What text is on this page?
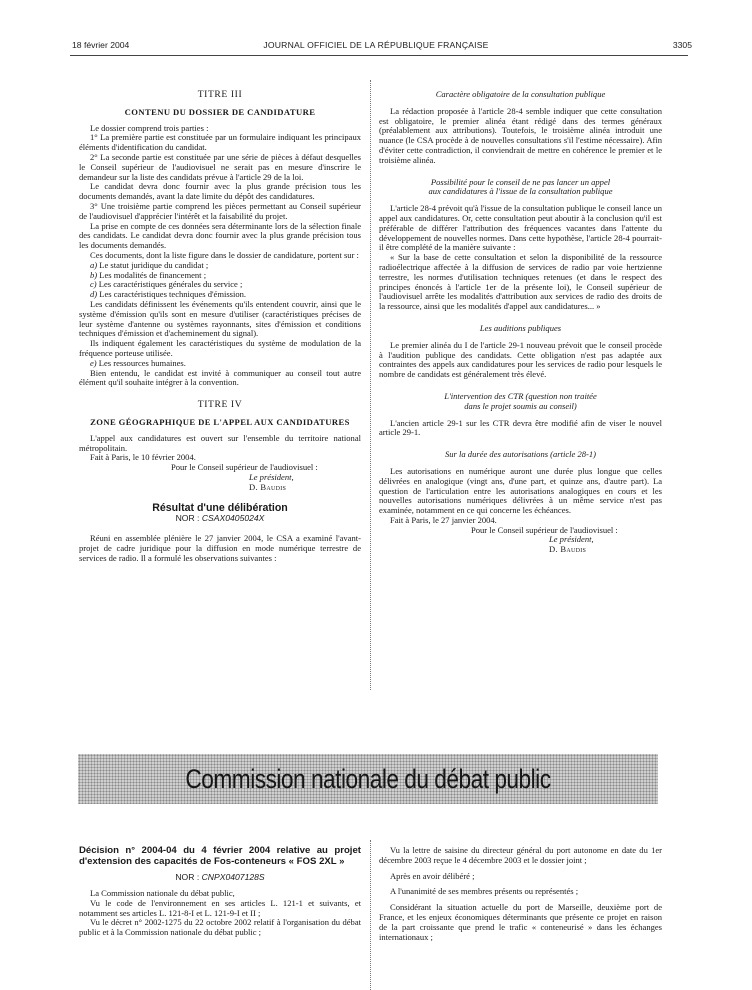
18 février 2004	JOURNAL OFFICIEL DE LA RÉPUBLIQUE FRANÇAISE	3305

TITRE III

CONTENU DU DOSSIER DE CANDIDATURE

Le dossier comprend trois parties :

1° La première partie est constituée par un formulaire indiquant les principaux éléments d'identification du candidat.

2° La seconde partie est constituée par une série de pièces à défaut desquelles le Conseil supérieur de l'audiovisuel ne serait pas en mesure d'inscrire le demandeur sur la liste des candidats prévue à l'article 29 de la loi.

Le candidat devra donc fournir avec la plus grande précision tous les documents demandés, avant la date limite du dépôt des candidatures.

3° Une troisième partie comprend les pièces permettant au Conseil supérieur de l'audiovisuel d'apprécier l'intérêt et la faisabilité du projet.

La prise en compte de ces données sera déterminante lors de la sélection finale des candidats. Le candidat devra donc fournir avec la plus grande précision tous les documents demandés.

Ces documents, dont la liste figure dans le dossier de candidature, portent sur :

a) Le statut juridique du candidat ;

b) Les modalités de financement ;

c) Les caractéristiques générales du service ;

d) Les caractéristiques techniques d'émission.

Les candidats définissent les événements qu'ils entendent couvrir, ainsi que le système d'émission qu'ils sont en mesure d'utiliser (caractéristiques précises de leur système d'antenne ou systèmes rayonnants, sites d'émission et conditions techniques d'émission et d'acheminement du signal).

Ils indiquent également les caractéristiques du système de modulation de la fréquence porteuse utilisée.

e) Les ressources humaines.

Bien entendu, le candidat est invité à communiquer au conseil tout autre élément qu'il souhaite intégrer à la convention.

TITRE IV

ZONE GÉOGRAPHIQUE DE L'APPEL AUX CANDIDATURES

L'appel aux candidatures est ouvert sur l'ensemble du territoire national métropolitain.

Fait à Paris, le 10 février 2004.

Pour le Conseil supérieur de l'audiovisuel :

Le président,

D. Baudis

Résultat d'une délibération

NOR : CSAX0405024X

Réuni en assemblée plénière le 27 janvier 2004, le CSA a examiné l'avant-projet de cadre juridique pour la diffusion en mode numérique terrestre de services de radio. Il a formulé les observations suivantes :

Caractère obligatoire de la consultation publique

La rédaction proposée à l'article 28-4 semble indiquer que cette consultation est obligatoire, le premier alinéa étant rédigé dans des termes généraux (préalablement aux attributions). Toutefois, le troisième alinéa introduit une nuance (le CSA procède à de nouvelles consultations s'il l'estime nécessaire). Afin d'éviter cette contradiction, il conviendrait de mettre en cohérence le premier et le troisième alinéa.

Possibilité pour le conseil de ne pas lancer un appel

aux candidatures à l'issue de la consultation publique

L'article 28-4 prévoit qu'à l'issue de la consultation publique le conseil lance un appel aux candidatures. Or, cette consultation peut aboutir à la conclusion qu'il est préférable de différer l'attribution des fréquences vacantes dans l'attente du développement de nouvelles normes. Dans cette hypothèse, l'article 28-4 pourrait-il être complété de la manière suivante :

« Sur la base de cette consultation et selon la disponibilité de la ressource radioélectrique affectée à la diffusion de services de radio par voie hertzienne terrestre, les normes d'utilisation techniques retenues (et dans le respect des principes énoncés à l'article 1er de la présente loi), le Conseil supérieur de l'audiovisuel arrête les modalités d'attribution aux services de radio des droits de la ressource, ainsi que les modalités d'appel aux candidatures... »

Les auditions publiques

Le premier alinéa du I de l'article 29-1 nouveau prévoit que le conseil procède à l'audition publique des candidats. Cette obligation n'est pas adaptée aux contraintes des appels aux candidatures pour les services de radio pour lesquels le nombre de candidats est généralement très élevé.

L'intervention des CTR (question non traitée

dans le projet soumis au conseil)

L'ancien article 29-1 sur les CTR devra être modifié afin de viser le nouvel article 29-1.

Sur la durée des autorisations (article 28-1)

Les autorisations en numérique auront une durée plus longue que celles délivrées en analogique (vingt ans, d'une part, et quinze ans, d'autre part). La question de l'articulation entre les autorisations analogiques en cours et les nouvelles autorisations numériques délivrées à un même service n'est pas examinée, notamment en ce qui concerne les échéances.

Fait à Paris, le 27 janvier 2004.

Pour le Conseil supérieur de l'audiovisuel :

Le président,

D. Baudis

Commission nationale du débat public

Décision n° 2004-04 du 4 février 2004 relative au projet d'extension des capacités de Fos-conteneurs « FOS 2XL »

NOR : CNPX0407128S

La Commission nationale du débat public,

Vu le code de l'environnement en ses articles L. 121-1 et suivants, et notamment ses articles L. 121-8-I et L. 121-9-I et II ;

Vu le décret n° 2002-1275 du 22 octobre 2002 relatif à l'organisation du débat public et à la Commission nationale du débat public ;

Vu la lettre de saisine du directeur général du port autonome en date du 1er décembre 2003 reçue le 4 décembre 2003 et le dossier joint ;

Après en avoir délibéré ;

A l'unanimité de ses membres présents ou représentés ;

Considérant la situation actuelle du port de Marseille, deuxième port de France, et les enjeux économiques déterminants que présente ce projet en raison de la part croissante que prend le trafic « conteneurisé » dans les échanges internationaux ;
